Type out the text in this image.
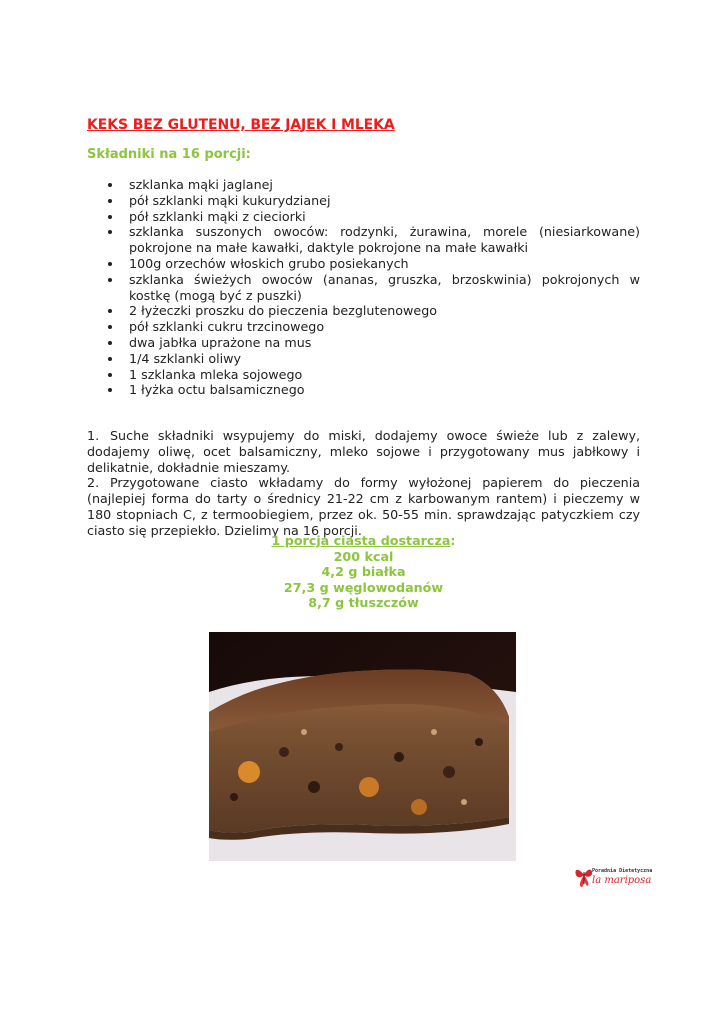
KEKS BEZ GLUTENU, BEZ JAJEK I MLEKA
Składniki na 16 porcji:
szklanka mąki jaglanej
pół szklanki mąki kukurydzianej
pół szklanki mąki z cieciorki
szklanka suszonych owoców: rodzynki, żurawina, morele (niesiarkowane) pokrojone na małe kawałki, daktyle pokrojone na małe kawałki
100g orzechów włoskich grubo posiekanych
szklanka świeżych owoców (ananas, gruszka, brzoskwinia) pokrojonych w kostkę (mogą być z puszki)
2 łyżeczki proszku do pieczenia bezglutenowego
pół szklanki cukru trzcinowego
dwa jabłka uprażone na mus
1/4 szklanki oliwy
1 szklanka mleka sojowego
1 łyżka octu balsamicznego

1. Suche składniki wsypujemy do miski, dodajemy owoce świeże lub z zalewy, dodajemy oliwę, ocet balsamiczny, mleko sojowe i przygotowany mus jabłkowy i delikatnie, dokładnie mieszamy.

2. Przygotowane ciasto wkładamy do formy wyłożonej papierem do pieczenia (najlepiej forma do tarty o średnicy 21-22 cm z karbowanym rantem) i pieczemy w 180 stopniach C, z termoobiegiem, przez ok. 50-55 min. sprawdzając patyczkiem czy ciasto się przepiekło. Dzielimy na 16 porcji.

1 porcja ciasta dostarcza:
200 kcal
4,2 g białka
27,3 g węglowodanów
8,7 g tłuszczów
Poradnia Dietetyczna
la mariposa
